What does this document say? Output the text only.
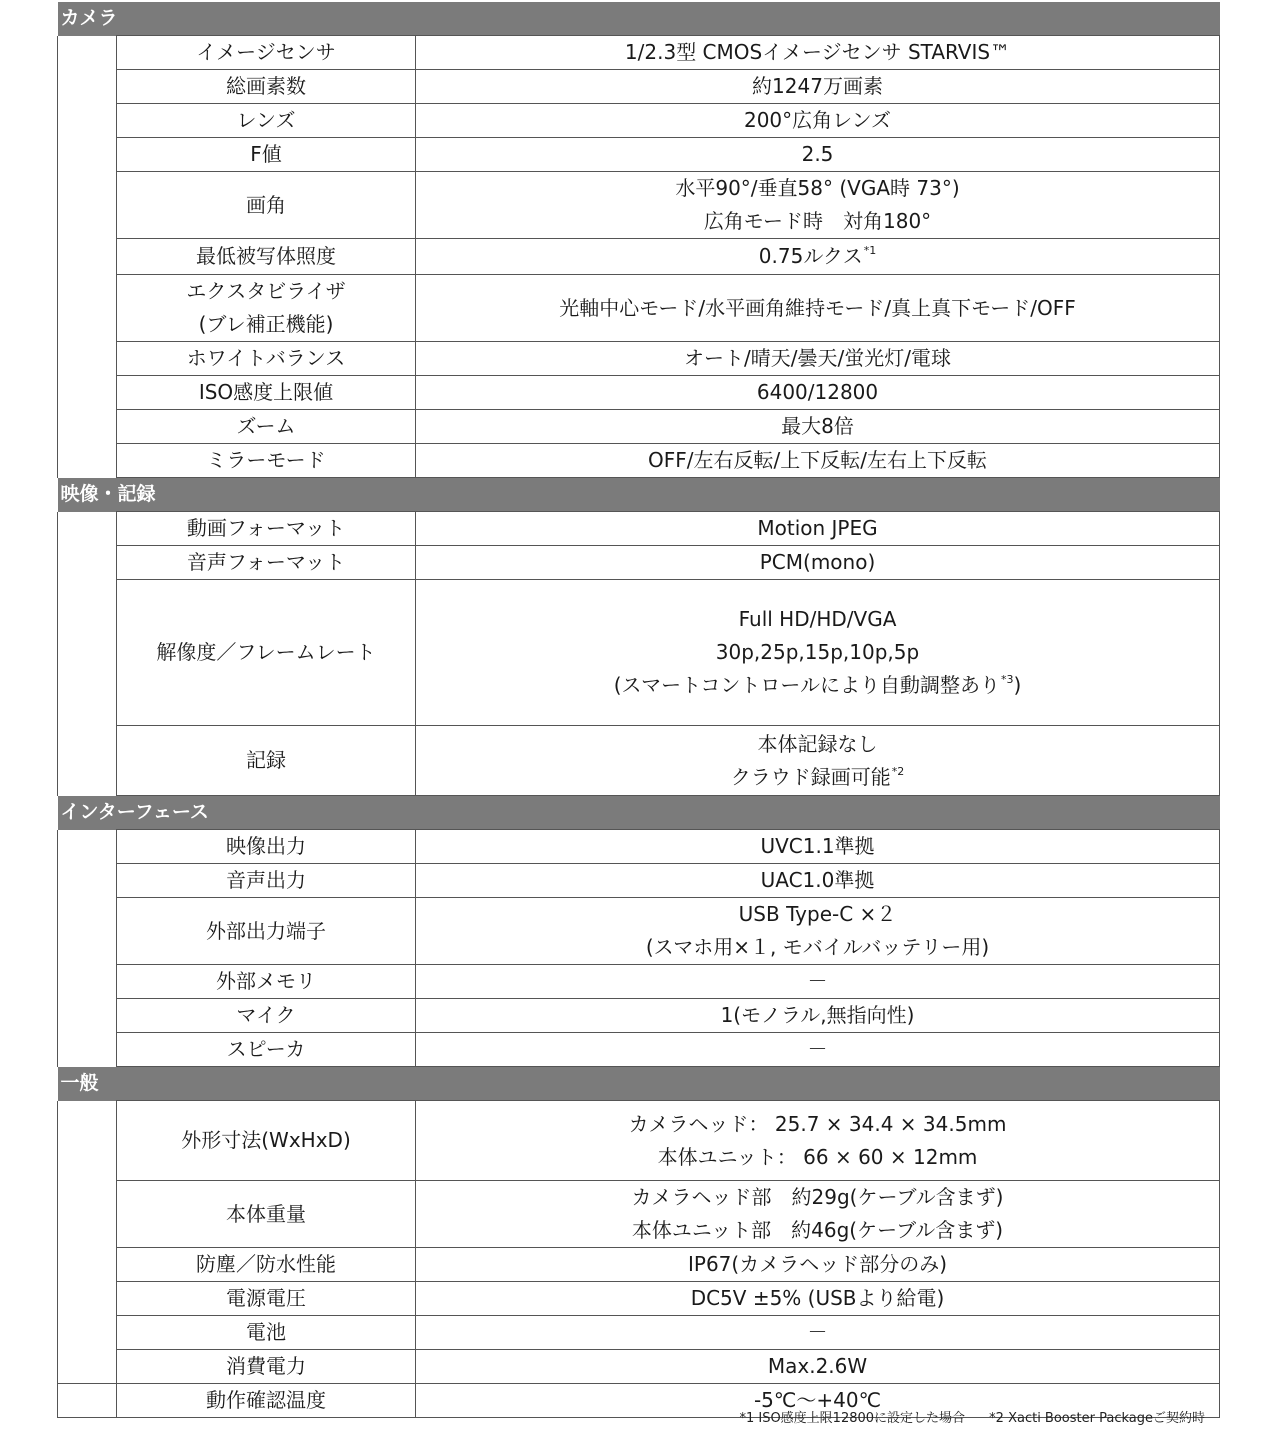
カメラ		

	イメージセンサ	1/2.3型 CMOSイメージセンサ STARVIS™

	総画素数	約1247万画素

	レンズ	200°広角レンズ

	F値	2.5

	画角	水平90°/垂直58° (VGA時 73°)
広角モード時　対角180°

	最低被写体照度	0.75ルクス$^{*1}$

	エクスタビライザ
(ブレ補正機能)	光軸中心モード/水平画角維持モード/真上真下モード/OFF

	ホワイトバランス	オート/晴天/曇天/蛍光灯/電球

	ISO感度上限値	6400/12800

	ズーム	最大8倍

	ミラーモード	OFF/左右反転/上下反転/左右上下反転

映像・記録		

	動画フォーマット	Motion JPEG

	音声フォーマット	PCM(mono)

	解像度／フレームレート	Full HD/HD/VGA
30p,25p,15p,10p,5p
(スマートコントロールにより自動調整あり$^{*3}$)

	記録	本体記録なし
クラウド録画可能$^{*2}$

インターフェース		

	映像出力	UVC1.1準拠

	音声出力	UAC1.0準拠

	外部出力端子	USB Type-C ×２
(スマホ用×１, モバイルバッテリー用)

	外部メモリ	－

	マイク	1(モノラル,無指向性)

	スピーカ	－

一般		

	外形寸法(WxHxD)	カメラヘッド： 25.7 × 34.4 × 34.5mm
本体ユニット： 66 × 60 × 12mm

	本体重量	カメラヘッド部　約29g(ケーブル含まず)
本体ユニット部　約46g(ケーブル含まず)

	防塵／防水性能	IP67(カメラヘッド部分のみ)

	電源電圧	DC5V ±5% (USBより給電)

	電池	－

	消費電力	Max.2.6W

	動作確認温度	-5℃～+40℃
*1 ISO感度上限12800に設定した場合 *2 Xacti Booster Packageご契約時
